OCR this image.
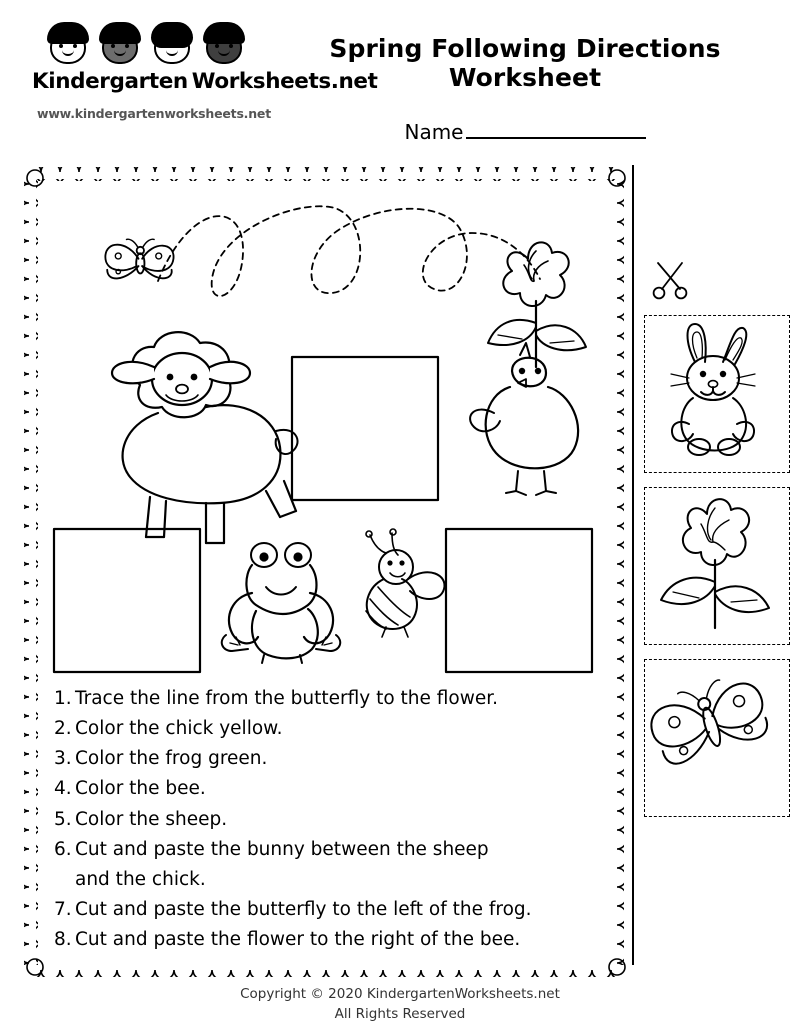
Kindergarten Worksheets.net
www.kindergartenworksheets.net
Spring Following Directions Worksheet
Name
1. Trace the line from the butterfly to the flower.
2. Color the chick yellow.
3. Color the frog green.
4. Color the bee.
5. Color the sheep.
6. Cut and paste the bunny between the sheep
and the chick.
7. Cut and paste the butterfly to the left of the frog.
8. Cut and paste the flower to the right of the bee.
Copyright © 2020 KindergartenWorksheets.net
All Rights Reserved
